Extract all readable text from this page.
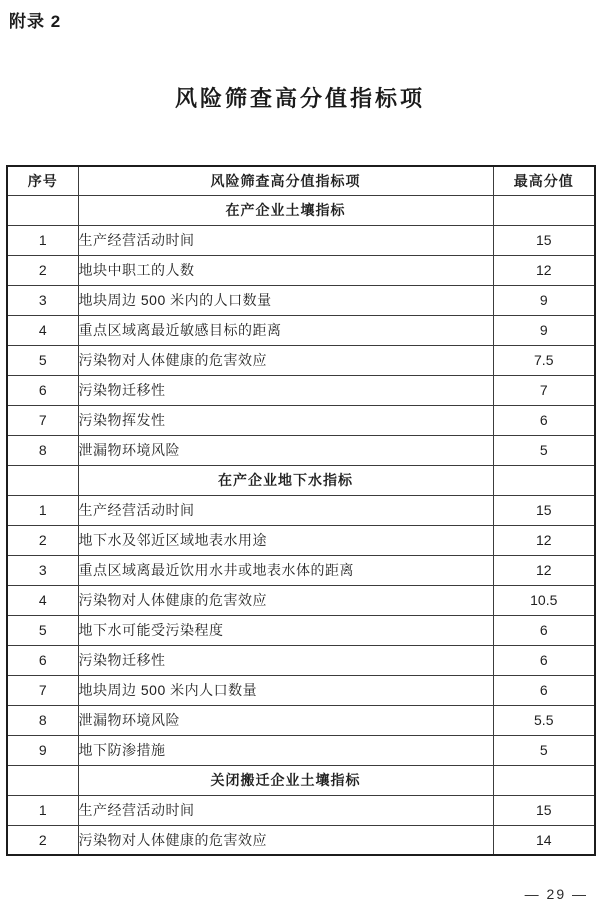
附录 2
风险筛查高分值指标项
序号	风险筛查高分值指标项	最高分值
	在产企业土壤指标	
1	生产经营活动时间	15
2	地块中职工的人数	12
3	地块周边 500 米内的人口数量	9
4	重点区域离最近敏感目标的距离	9
5	污染物对人体健康的危害效应	7.5
6	污染物迁移性	7
7	污染物挥发性	6
8	泄漏物环境风险	5
	在产企业地下水指标	
1	生产经营活动时间	15
2	地下水及邻近区域地表水用途	12
3	重点区域离最近饮用水井或地表水体的距离	12
4	污染物对人体健康的危害效应	10.5
5	地下水可能受污染程度	6
6	污染物迁移性	6
7	地块周边 500 米内人口数量	6
8	泄漏物环境风险	5.5
9	地下防渗措施	5
	关闭搬迁企业土壤指标	
1	生产经营活动时间	15
2	污染物对人体健康的危害效应	14
— 29 —
